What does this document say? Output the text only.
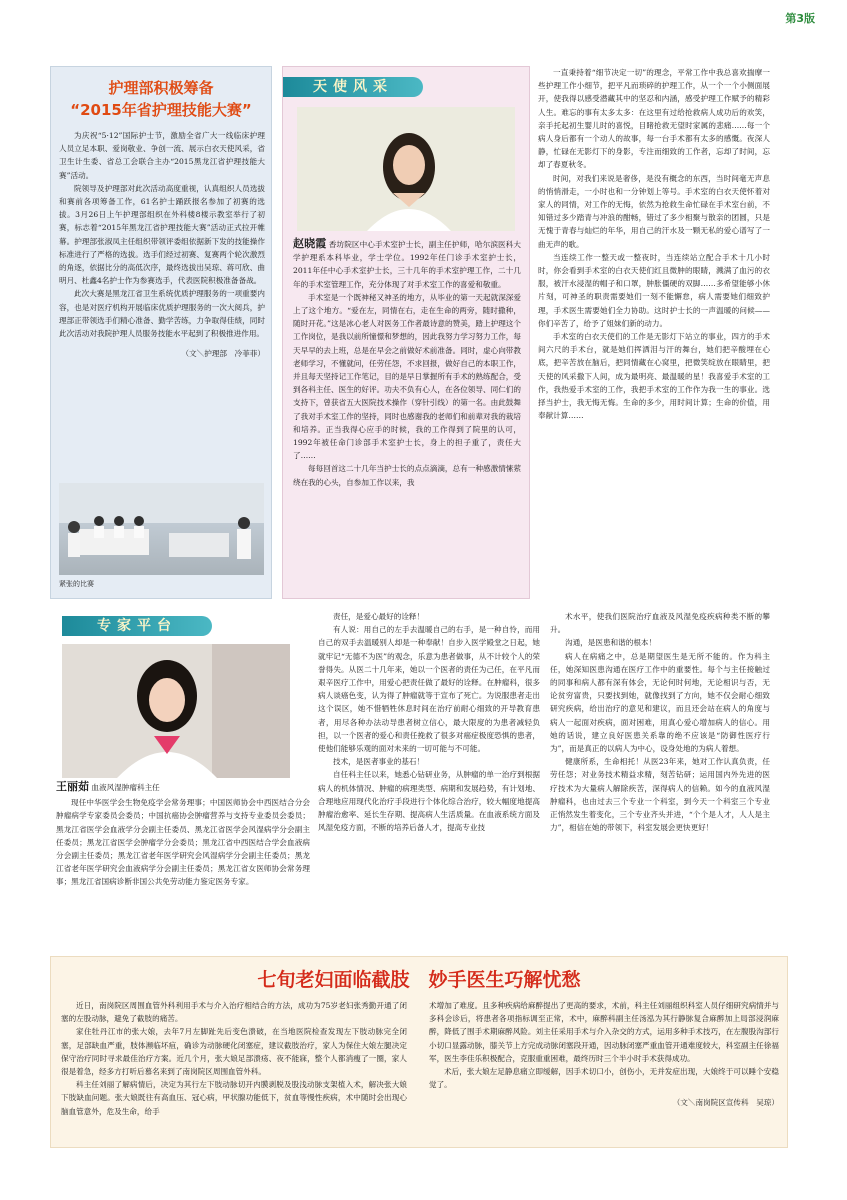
第3版
护理部积极筹备
“2015年省护理技能大赛”

为庆祝“5·12”国际护士节，激励全省广大一线临床护理人员立足本职、爱岗敬业、争创一流、展示白衣天使风采，省卫生计生委、省总工会联合主办“2015黑龙江省护理技能大赛”活动。

院领导及护理部对此次活动高度重视，认真组织人员选拔和赛前各项筹备工作，61名护士踊跃报名参加了初赛的选拔。3月26日上午护理部组织在外科楼8楼示教室举行了初赛，标志着“2015年黑龙江省护理技能大赛”活动正式拉开帷幕。护理部张淑凤主任组织带领评委组依据新下发的技能操作标准进行了严格的选拔。选手们经过初赛、复赛两个轮次激烈的角逐，依据比分的高低次序，最终选拔出吴琼、蒋可欣、曲明月、杜鑫4名护士作为参赛选手，代表医院积极准备备战。

此次大赛是黑龙江省卫生系统优质护理服务的一项重要内容，也是对医疗机构开展临床优质护理服务的一次大阅兵，护理部正带领选手们精心准备、勤学苦练，力争取得佳绩，同时此次活动对我院护理人员服务技能水平起到了积极推进作用。

（文＼护理部　冷菲菲）
紧张的比赛
天使风采

赵晓霞 香坊院区中心手术室护士长，副主任护师，哈尔滨医科大学护理系本科毕业，学士学位。1992年任门诊手术室护士长，2011年任中心手术室护士长，三十几年的手术室护理工作，二十几年的手术室管理工作，充分体现了对手术室工作的喜爱和敬重。

手术室是一个既神秘又神圣的地方，从毕业的第一天起就深深爱上了这个地方。“爱在左，同情在右，走在生命的两旁，随时撒种，随时开花。”这是冰心老人对医务工作者最诗意的赞美，踏上护理这个工作岗位，是我以前所憧憬和梦想的，因此我努力学习努力工作，每天早早的去上班，总是在早会之前做好术前准备。同时，虚心向带教老师学习，不懂就问，任劳任怨，不求回报，做好自己的本职工作，并且每天坚持记工作笔记，目的是早日掌握所有手术的熟练配合，受到各科主任、医生的好评。功夫不负有心人，在各位领导、同仁们的支持下，曾获省五大医院技术操作（穿针引线）的第一名。由此鼓舞了我对手术室工作的坚持，同时也感谢我的老师们和前辈对我的栽培和培养。正当我得心应手的时候，我的工作得到了院里的认可，1992年被任命门诊部手术室护士长，身上的担子重了，责任大了……

每每回首这二十几年当护士长的点点滴滴，总有一种感激情愫萦绕在我的心头，自参加工作以来，我

一直秉持着“细节决定一切”的理念，平常工作中我总喜欢揣摩一些护理工作小细节，把平凡而琐碎的护理工作，从一个一个小侧面展开，使我得以感受潜藏其中的坚忍和内涵，感受护理工作赋予的精彩人生。难忘的事有太多太多：在这里有过给抢救病人成功后的欢笑，亲手托起初生婴儿时的喜悦，目睹抢救无望时家属的悲痛……每一个病人身后都有一个动人的故事，每一台手术都有太多的感慨。夜深人静，忙碌在无影灯下的身影，专注而细致的工作者，忘却了时间，忘却了春夏秋冬。

时间，对我们来说是奢侈，是没有概念的东西，当时间毫无声息的悄悄滑走，一小时也和一分钟划上等号。手术室的白衣天使怀着对家人的同情，对工作的无悔，依然为抢救生命忙碌在手术室台前，不知错过多少踏青与冲浪的酣畅，错过了多少相聚与散亲的团圆，只是无愧于青春与灿烂的年华，用自己的汗水及一颗无私的爱心谱写了一曲无声的歌。

当连续工作一整天或一整夜时，当连续站立配合手术十几小时时，你会看到手术室的白衣天使们红且微肿的眼睛，溅满了血污的衣服，被汗水浸湿的帽子和口罩，肿胀僵硬的双脚……多希望能够小休片刻，可神圣的职责需要她们一刻不能懈怠，病人需要她们细致护理，手术医生需要她们全力协助。这时护士长的一声温暖的问候——你们辛苦了，给予了姐妹们新的动力。

手术室的白衣天使们的工作是无影灯下站立的事业，四方的手术间六尺的手术台，就是她们挥洒泪与汗的舞台，她们把辛酸埋在心底，把辛苦放在脑后，把同情藏在心窝里，把微笑绽放在眼睛里，把天使的风采撒下人间，成为最明亮、最温暖的星！我喜爱手术室的工作，我热爱手术室的工作，我把手术室的工作作为我一生的事业。选择当护士，我无悔无悔。生命的多少，用时间计算；生命的价值，用奉献计算……

专家平台

王丽茹 血液风湿肿瘤科主任

现任中华医学会生物免疫学会常务理事；中国医师协会中西医结合分会肿瘤病学专家委员会委员；中国抗癌协会肿瘤营养与支持专业委员会委员；黑龙江省医学会血液学分会副主任委员、黑龙江省医学会风湿病学分会副主任委员；黑龙江省医学会肿瘤学分会委员；黑龙江省中西医结合学会血液病分会副主任委员；黑龙江省老年医学研究会风湿病学分会副主任委员；黑龙江省老年医学研究会血液病学分会副主任委员；黑龙江省女医师协会常务理事；黑龙江省国病诊断非国公共免劳动能力鉴定医务专家。

责任，是爱心最好的诠释！

有人说：用自己的左手去温暖自己的右手，是一种自怜，而用自己的双手去温暖别人却是一种奉献！自步入医学殿堂之日起，她就牢记“无德不为医”的观念，乐意为患者做事，从不计较个人的荣誉得失。从医二十几年来，她以一个医者的责任为己任，在平凡而艰辛医疗工作中，用爱心把责任做了最好的诠释。在肿瘤科，很多病人谈癌色变，认为得了肿瘤就等于宣布了死亡。为说服患者走出这个误区，她不惜牺牲休息时间在治疗前耐心细致的开导教育患者，用尽各种办法动导患者树立信心，最大限度的为患者减轻负担，以一个医者的爱心和责任挽救了很多对癌症极度恐惧的患者，使他们能够乐观的面对未来的一切可能与不可能。

技术，是医者事业的基石！

自任科主任以来，她悉心钻研业务，从肿瘤的单一治疗到根据病人的机体情况、肿瘤的病理类型、病期和发展趋势，有计划地、合理地应用现代化治疗手段进行个体化综合治疗，较大幅度地提高肿瘤治愈率、延长生存期、提高病人生活质量。在血液系统方面及风湿免疫方面，不断的培养后备人才，提高专业技

术水平，使我们医院治疗血液及风湿免疫疾病种类不断的攀升。

沟通，是医患和谐的根本！

病人在病痛之中，总是期望医生是无所不能的。作为科主任，她深知医患沟通在医疗工作中的重要性。每个与主任接触过的同事和病人都有深有体会，无论何时何地，无论相识与否，无论贫穷富贵，只要找到她，就像找到了方向，她不仅会耐心细致研究疾病，给出治疗的意见和建议，而且还会站在病人的角度与病人一起面对疾病，面对困难，用真心爱心增加病人的信心。用她的话说，建立良好医患关系靠的绝不应该是“防御性医疗行为”，而是真正的以病人为中心，设身处地的为病人着想。

健康所系，生命相托！从医23年来，她对工作认真负责，任劳任怨；对业务技术精益求精，刻苦钻研；运用国内外先进的医疗技术为大量病人解除疾苦，深得病人的信赖。如今的血液风湿肿瘤科，也由过去三个专业一个科室，到今天一个科室三个专业正悄然发生着变化，三个专业齐头并进，“个个是人才，人人是主力”，相信在她的带领下，科室发展会更快更好！

七旬老妇面临截肢　妙手医生巧解忧愁

近日，南岗院区周围血管外科利用手术与介入治疗相结合的方法，成功为75岁老妇张秀勤开通了闭塞的左股动脉，避免了截肢的痛苦。

家住牡丹江市的张大娘，去年7月左脚趾先后变色溃破，在当地医院检查发现左下肢动脉完全闭塞，足部缺血严重，肢体濒临坏疽，确诊为动脉硬化闭塞症，建议截肢治疗，家人为保住大娘左腿决定保守治疗同时寻求最佳治疗方案。近几个月，张大娘足部溃疡、夜不能寐，整个人都消瘦了一圈，家人很是着急，经多方打听后慕名来到了南岗院区周围血管外科。

科主任刘丽了解病情后，决定为其行左下肢动脉切开内膜剥脱及股浅动脉支架植入术，解决张大娘下肢缺血问题。张大娘既往有高血压、冠心病，甲状腺功能低下，贫血等慢性疾病，术中随时会出现心脑血管意外，危及生命，给手

术增加了难度。且多种疾病给麻醉提出了更高的要求，术前，科主任刘丽组织科室人员仔细研究病情并与多科会诊后，将患者各项指标调至正常，术中，麻醉科副主任汤泓为其行静脉复合麻醉加上局部浸润麻醉，降低了围手术期麻醉风险。刘主任采用手术与介入杂交的方式，运用多种手术技巧，在左腹股沟部行小切口显露动脉，膝关节上方完成动脉闭塞段开通，因动脉闭塞严重血管开通难度较大，科室副主任徐福军，医生李佳乐积极配合，克服重重困难，最终历时三个半小时手术获得成功。

术后，张大娘左足静息痛立即缓解，因手术切口小，创伤小，无并发症出现，大娘终于可以睡个安稳觉了。

（文＼南岗院区宣传科　吴琼）
